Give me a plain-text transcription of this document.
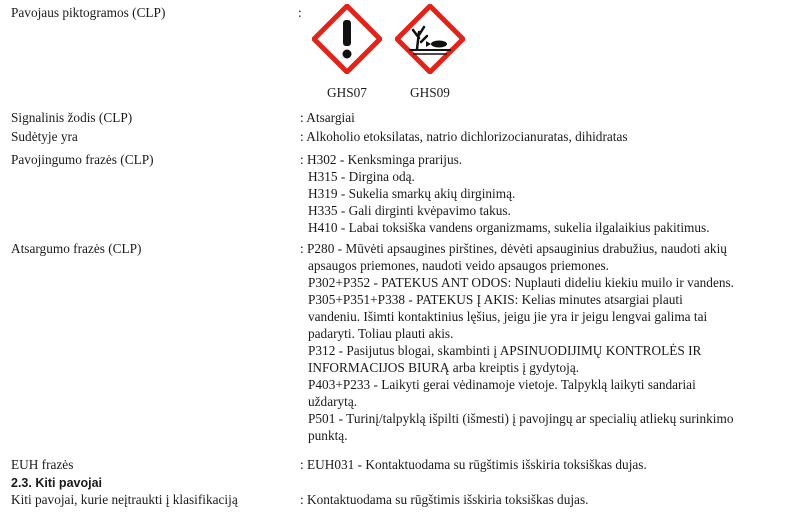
Pavojaus piktogramos (CLP)	:
GHS07	GHS09
Signalinis žodis (CLP)	: Atsargiai
Sudėtyje yra	: Alkoholio etoksilatas, natrio dichlorizocianuratas, dihidratas
Pavojingumo frazės (CLP)	: H302 - Kenksminga prarijus.
H315 - Dirgina odą.
H319 - Sukelia smarkų akių dirginimą.
H335 - Gali dirginti kvėpavimo takus.
H410 - Labai toksiška vandens organizmams, sukelia ilgalaikius pakitimus.
Atsargumo frazės (CLP)	: P280 - Mūvėti apsaugines pirštines, dėvėti apsauginius drabužius, naudoti akių
apsaugos priemones, naudoti veido apsaugos priemones.
P302+P352 - PATEKUS ANT ODOS: Nuplauti dideliu kiekiu muilo ir vandens.
P305+P351+P338 - PATEKUS Į AKIS: Kelias minutes atsargiai plauti
vandeniu. Išimti kontaktinius lęšius, jeigu jie yra ir jeigu lengvai galima tai
padaryti. Toliau plauti akis.
P312 - Pasijutus blogai, skambinti į APSINUODIJIMŲ KONTROLĖS IR
INFORMACIJOS BIURĄ arba kreiptis į gydytoją.
P403+P233 - Laikyti gerai vėdinamoje vietoje. Talpyklą laikyti sandariai
uždarytą.
P501 - Turinį/talpyklą išpilti (išmesti) į pavojingų ar specialių atliekų surinkimo
punktą.
EUH frazės	: EUH031 - Kontaktuodama su rūgštimis išskiria toksiškas dujas.
2.3. Kiti pavojai
Kiti pavojai, kurie neįtraukti į klasifikaciją	: Kontaktuodama su rūgštimis išskiria toksiškas dujas.
